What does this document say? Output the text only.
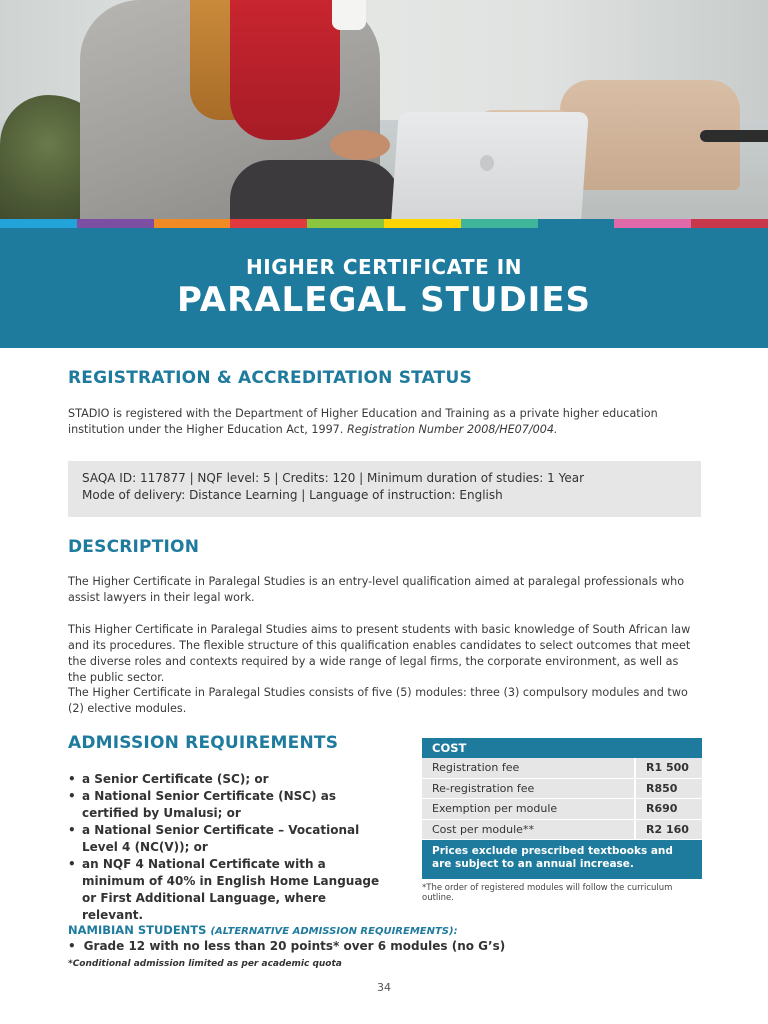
HIGHER CERTIFICATE IN
PARALEGAL STUDIES
REGISTRATION & ACCREDITATION STATUS

STADIO is registered with the Department of Higher Education and Training as a private higher education institution under the Higher Education Act, 1997. Registration Number 2008/HE07/004.

SAQA ID: 117877 | NQF level: 5 | Credits: 120 | Minimum duration of studies: 1 Year
Mode of delivery: Distance Learning | Language of instruction: English
DESCRIPTION

The Higher Certificate in Paralegal Studies is an entry-level qualification aimed at paralegal professionals who assist lawyers in their legal work.

This Higher Certificate in Paralegal Studies aims to present students with basic knowledge of South African law and its procedures. The flexible structure of this qualification enables candidates to select outcomes that meet the diverse roles and contexts required by a wide range of legal firms, the corporate environment, as well as the public sector.

The Higher Certificate in Paralegal Studies consists of five (5) modules: three (3) compulsory modules and two (2) elective modules.

ADMISSION REQUIREMENTS
• a Senior Certificate (SC); or
• a National Senior Certificate (NSC) as certified by Umalusi; or
• a National Senior Certificate – Vocational Level 4 (NC(V)); or
• an NQF 4 National Certificate with a minimum of 40% in English Home Language or First Additional Language, where relevant.
COST
Registration fee	R1 500
Re-registration fee	R850
Exemption per module	R690
Cost per module**	R2 160
Prices exclude prescribed textbooks and are subject to an annual increase.
*The order of registered modules will follow the curriculum outline.
NAMIBIAN STUDENTS (ALTERNATIVE ADMISSION REQUIREMENTS):
• Grade 12 with no less than 20 points* over 6 modules (no G’s)
*Conditional admission limited as per academic quota
34
